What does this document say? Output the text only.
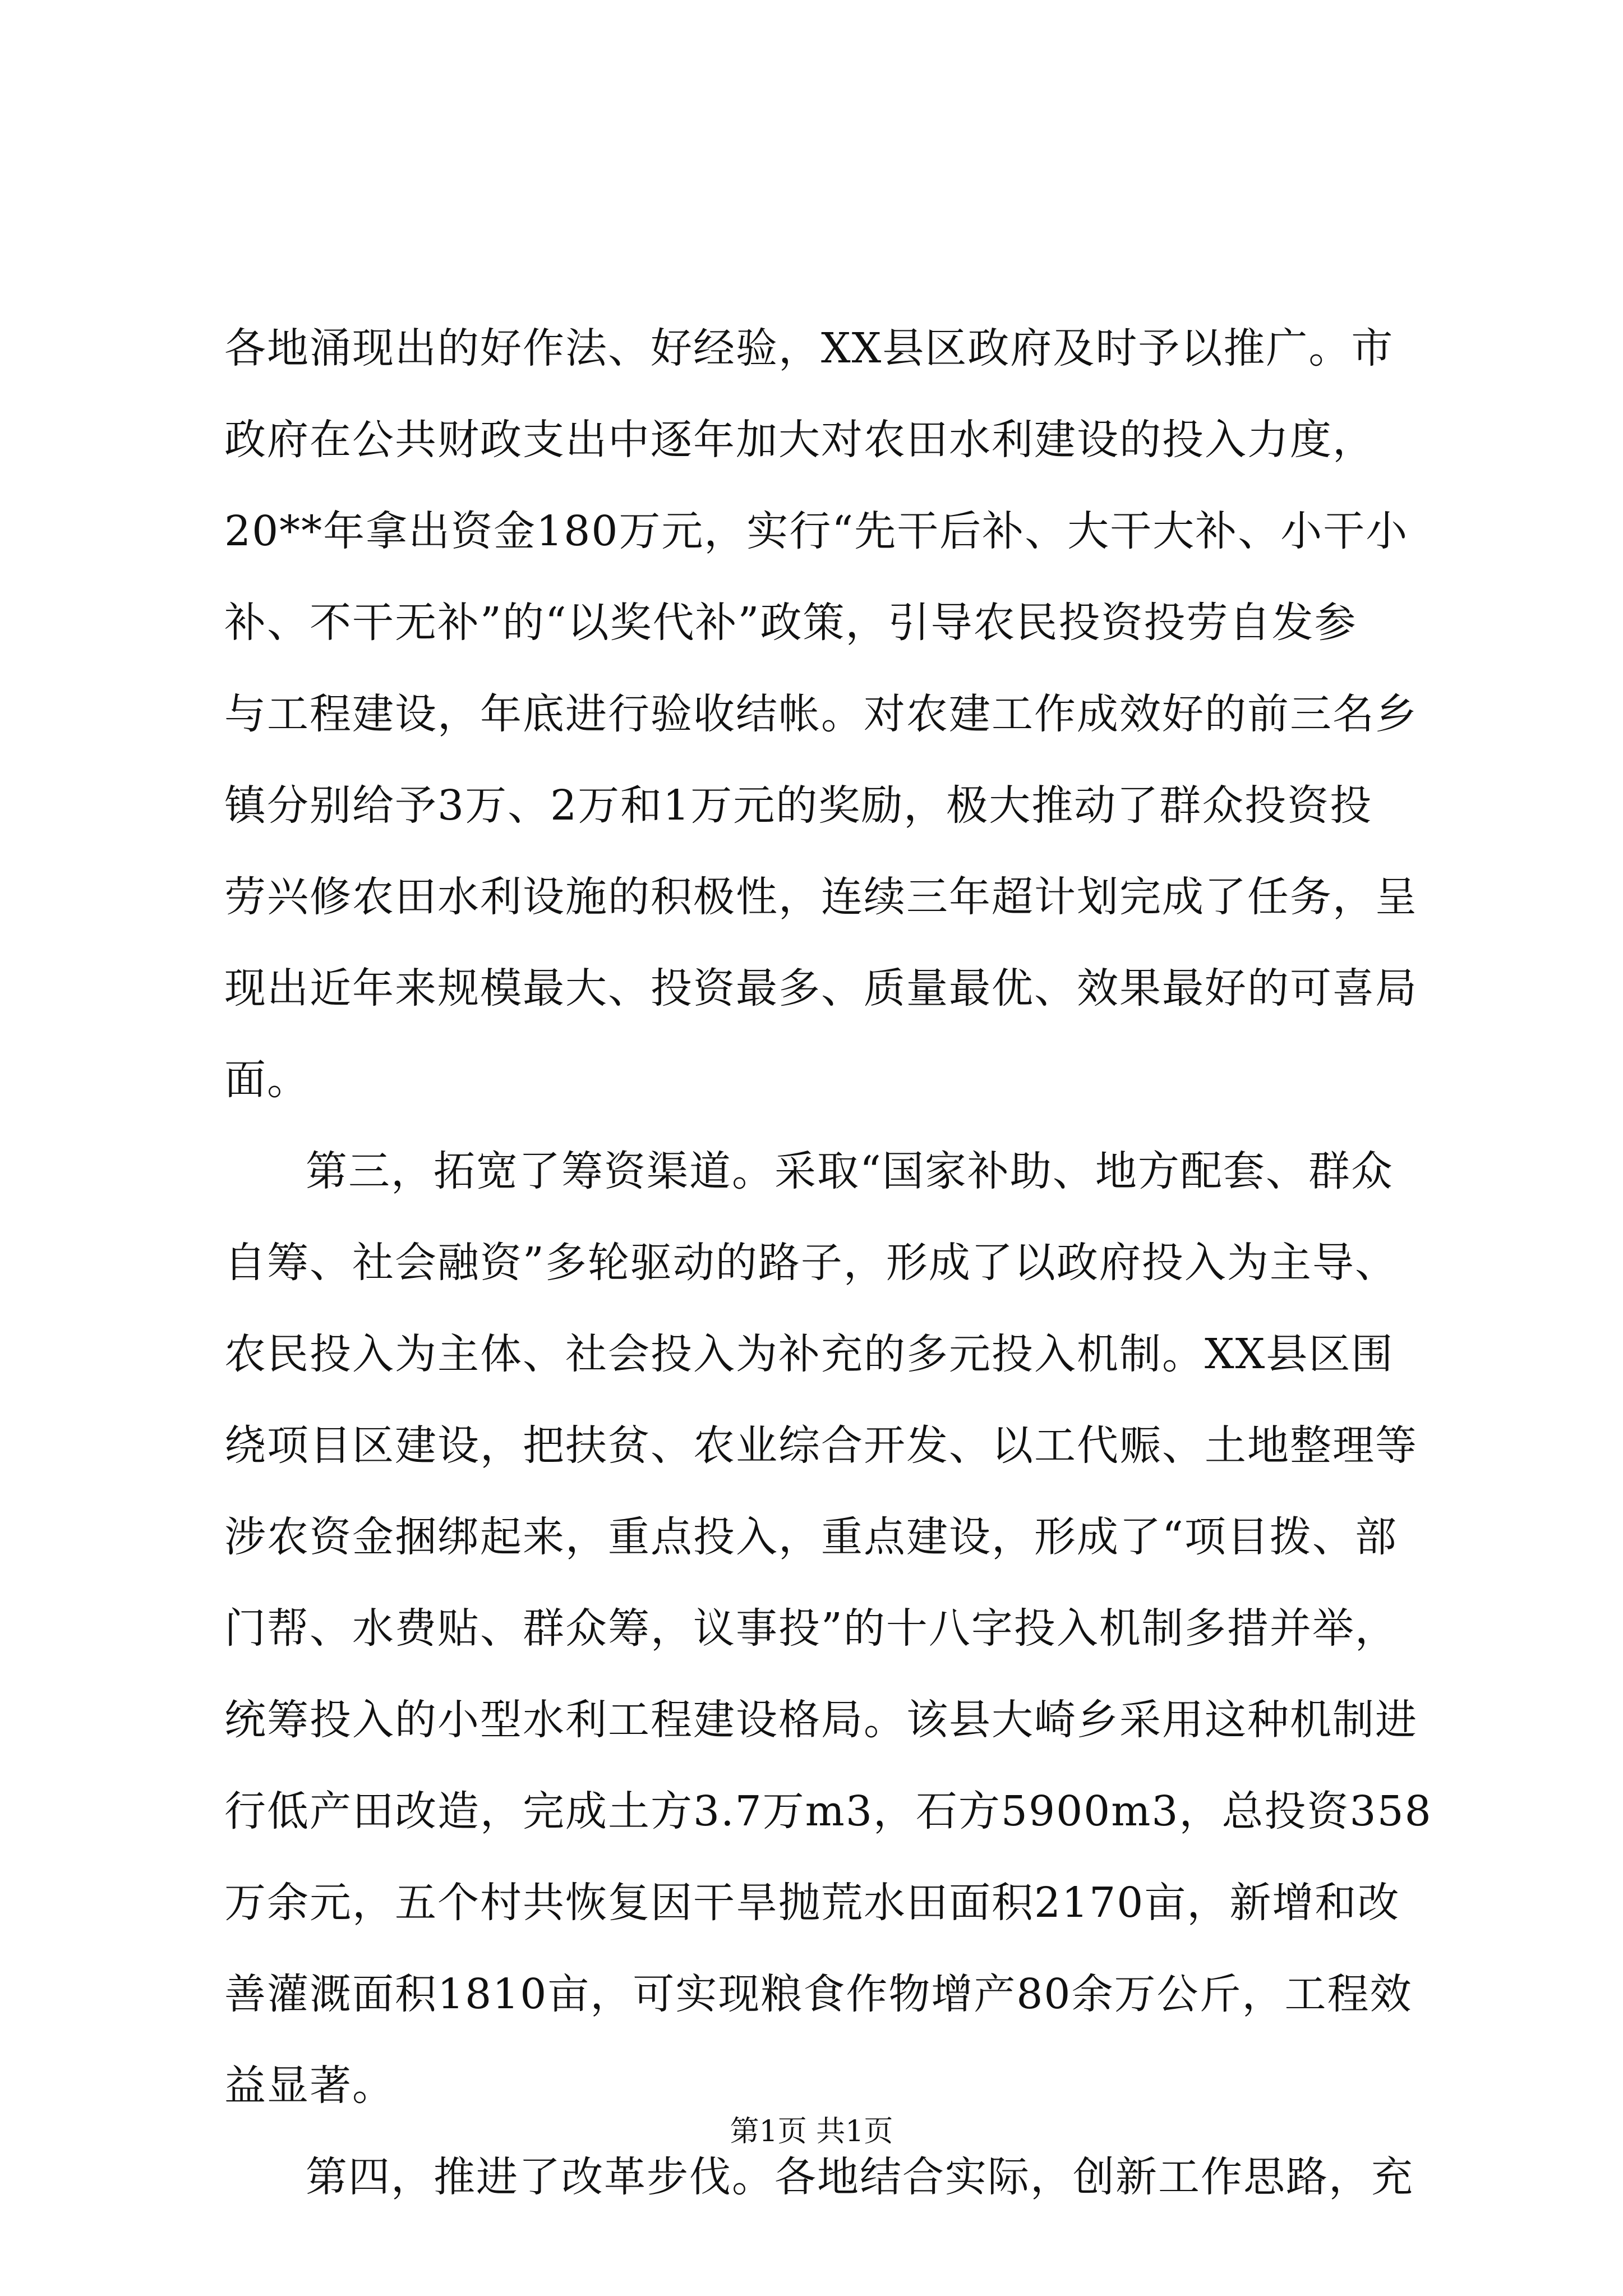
各地涌现出的好作法、好经验，XX县区政府及时予以推广。市
政府在公共财政支出中逐年加大对农田水利建设的投入力度，
20**年拿出资金180万元，实行“先干后补、大干大补、小干小
补、不干无补”的“以奖代补”政策，引导农民投资投劳自发参
与工程建设，年底进行验收结帐。对农建工作成效好的前三名乡
镇分别给予3万、2万和1万元的奖励，极大推动了群众投资投
劳兴修农田水利设施的积极性，连续三年超计划完成了任务，呈
现出近年来规模最大、投资最多、质量最优、效果最好的可喜局
面。
第三，拓宽了筹资渠道。采取“国家补助、地方配套、群众
自筹、社会融资”多轮驱动的路子，形成了以政府投入为主导、
农民投入为主体、社会投入为补充的多元投入机制。XX县区围
绕项目区建设，把扶贫、农业综合开发、以工代赈、土地整理等
涉农资金捆绑起来，重点投入，重点建设，形成了“项目拨、部
门帮、水费贴、群众筹，议事投”的十八字投入机制多措并举，
统筹投入的小型水利工程建设格局。该县大崎乡采用这种机制进
行低产田改造，完成土方3.7万m3，石方5900m3，总投资358
万余元，五个村共恢复因干旱抛荒水田面积2170亩，新增和改
善灌溉面积1810亩，可实现粮食作物增产80余万公斤，工程效
益显著。
第四，推进了改革步伐。各地结合实际，创新工作思路，充
第1页 共1页
